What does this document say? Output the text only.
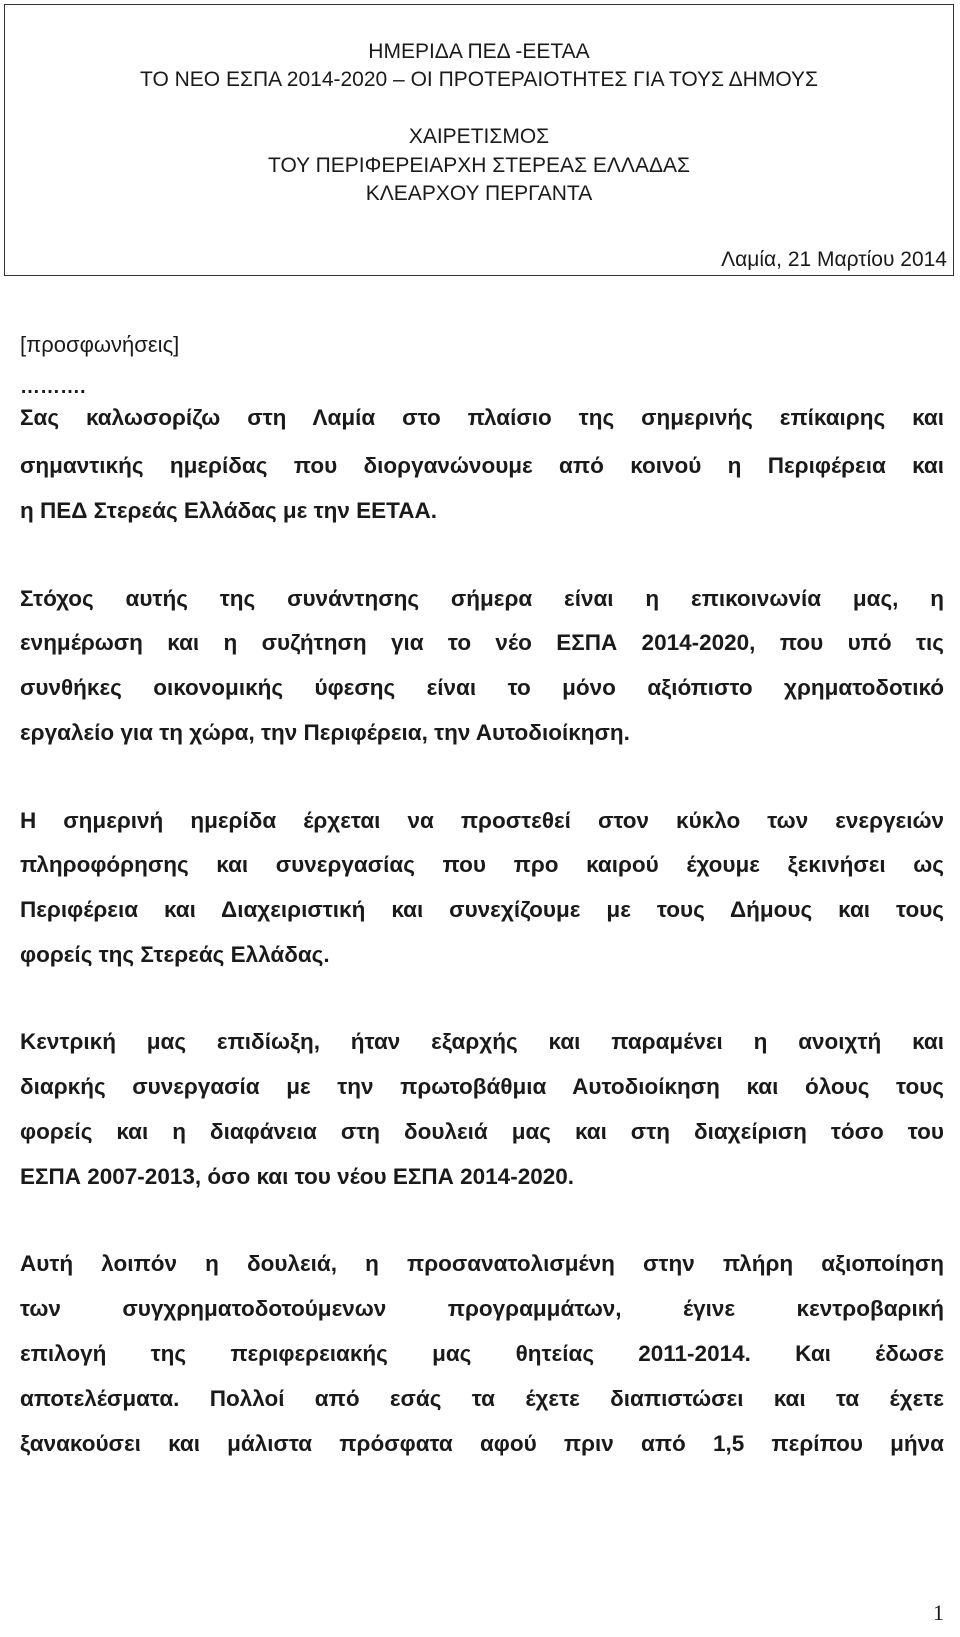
ΗΜΕΡΙΔΑ ΠΕΔ -ΕΕΤΑΑ
ΤΟ ΝΕΟ ΕΣΠΑ 2014-2020 – ΟΙ ΠΡΟΤΕΡΑΙΟΤΗΤΕΣ ΓΙΑ ΤΟΥΣ ΔΗΜΟΥΣ
ΧΑΙΡΕΤΙΣΜΟΣ
ΤΟΥ ΠΕΡΙΦΕΡΕΙΑΡΧΗ ΣΤΕΡΕΑΣ ΕΛΛΑΔΑΣ
ΚΛΕΑΡΧΟΥ ΠΕΡΓΑΝΤΑ
Λαμία, 21 Μαρτίου 2014
[προσφωνήσεις]
……….
Σας καλωσορίζω στη Λαμία στο πλαίσιο της σημερινής επίκαιρης και
σημαντικής ημερίδας που διοργανώνουμε από κοινού η Περιφέρεια και
η ΠΕΔ Στερεάς Ελλάδας με την ΕΕΤΑΑ.
Στόχος αυτής της συνάντησης σήμερα είναι η επικοινωνία μας, η
ενημέρωση και η συζήτηση για το νέο ΕΣΠΑ 2014-2020, που υπό τις
συνθήκες οικονομικής ύφεσης είναι το μόνο αξιόπιστο χρηματοδοτικό
εργαλείο για τη χώρα, την Περιφέρεια, την Αυτοδιοίκηση.
Η σημερινή ημερίδα έρχεται να προστεθεί στον κύκλο των ενεργειών
πληροφόρησης και συνεργασίας που προ καιρού έχουμε ξεκινήσει ως
Περιφέρεια και Διαχειριστική και συνεχίζουμε με τους Δήμους και τους
φορείς της Στερεάς Ελλάδας.
Κεντρική μας επιδίωξη, ήταν εξαρχής και παραμένει η ανοιχτή και
διαρκής συνεργασία με την πρωτοβάθμια Αυτοδιοίκηση και όλους τους
φορείς και η διαφάνεια στη δουλειά μας και στη διαχείριση τόσο του
ΕΣΠΑ 2007-2013, όσο και του νέου ΕΣΠΑ 2014-2020.
Αυτή λοιπόν η δουλειά, η προσανατολισμένη στην πλήρη αξιοποίηση
των συγχρηματοδοτούμενων προγραμμάτων, έγινε κεντροβαρική
επιλογή της περιφερειακής μας θητείας 2011-2014. Και έδωσε
αποτελέσματα. Πολλοί από εσάς τα έχετε διαπιστώσει και τα έχετε
ξανακούσει και μάλιστα πρόσφατα αφού πριν από 1,5 περίπου μήνα
1
